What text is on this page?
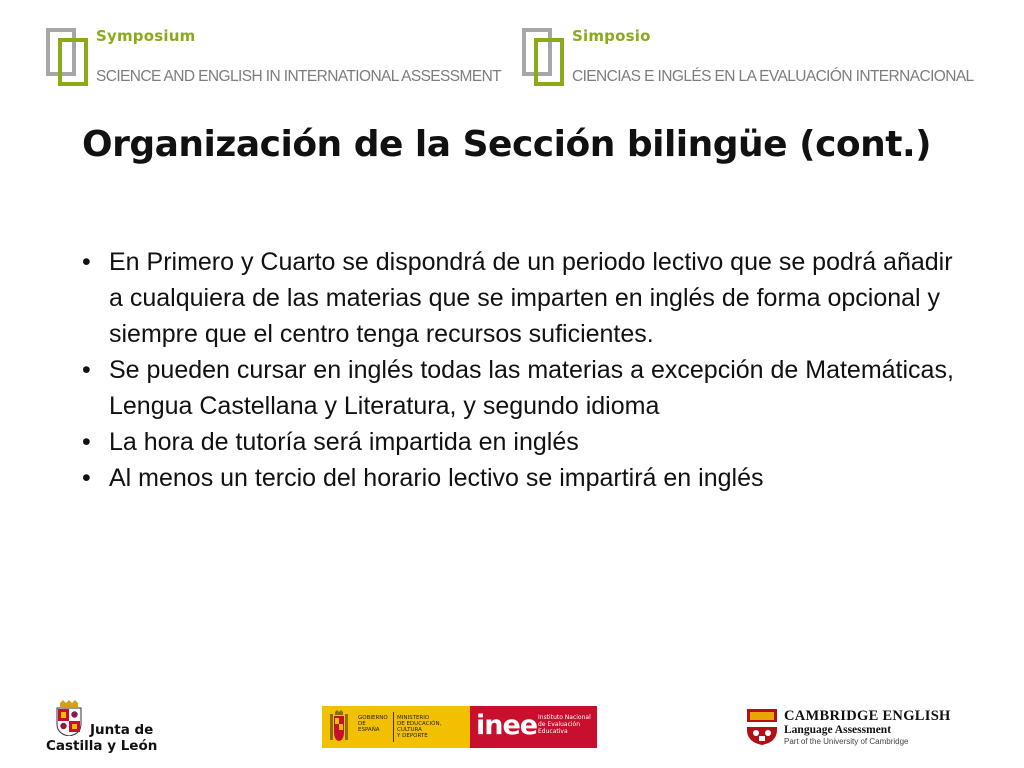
Symposium
SCIENCE AND ENGLISH IN INTERNATIONAL ASSESSMENT
Simposio
CIENCIAS E INGLÉS EN LA EVALUACIÓN INTERNACIONAL
Organización de la Sección bilingüe (cont.)
• En Primero y Cuarto se dispondrá de un periodo lectivo que se podrá añadir a cualquiera de las materias que se imparten en inglés de forma opcional y siempre que el centro tenga recursos suficientes.
• Se pueden cursar en inglés todas las materias a excepción de Matemáticas, Lengua Castellana y Literatura, y segundo idioma
• La hora de tutoría será impartida en inglés
• Al menos un tercio del horario lectivo se impartirá en inglés
Junta de
Castilla y León
GOBIERNO
DE ESPAÑA
MINISTERIO
DE EDUCACIÓN, CULTURA
Y DEPORTE	inee Instituto Nacional
de Evaluación
Educativa
CAMBRIDGE ENGLISH
Language Assessment
Part of the University of Cambridge
